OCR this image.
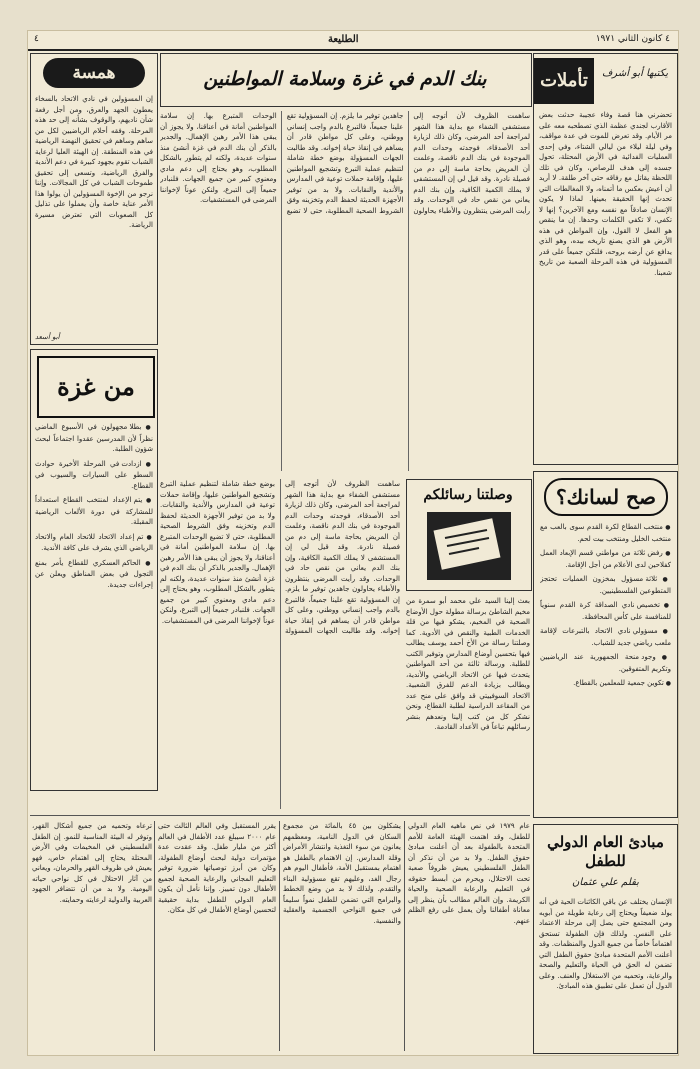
٤	الطليعة	٤ كانون الثاني ١٩٧١
تأملات	يكتبها أبو أشرف
تحضرني هنا قصة وفاء عجيبة حدثت بعض الأقارب لجندي عظمة الذي تصطحبه معه على مر الأيام. وقد تعرض للموت في عدة مواقف، وفي ليلة ليلاء من ليالي الشتاء، وفي إحدى العمليات الفدائية في الأرض المحتلة، تحول جسده إلى هدف للرصاص، وكان في تلك اللحظة يقاتل مع رفاقه حتى آخر طلقة. لا أريد أن أعيش بعكس ما أتمناه، ولا المغالطات التي تحدث إنها الحقيقة بعينها. لماذا لا يكون الإنسان صادقاً مع نفسه ومع الآخرين؟ إنها لا تكفي، لا تكفي الكلمات وحدها. إن ما ينقص هو الفعل لا القول، وإن المواطن في هذه الأرض هو الذي يصنع تاريخه بيده، وهو الذي يدافع عن أرضه بروحه، فلنكن جميعاً على قدر المسؤولية في هذه المرحلة الصعبة من تاريخ شعبنا.
صح لسانك؟
● منتخب القطاع لكرة القدم سوى بالعب مع منتخب الخليل ومنتخب بيت لحم.
● رفض ثلاثة من مواطني قسم الإبعاد العمل كفلاحين لدى الأعلام من أجل الإقامة.
● ثلاثة مسؤول بمخزون العمليات تحتجز المتطوعين الفلسطينيين.
● تخصيص نادي الصداقة كرة القدم سنوياً للمنافسة على كأس المحافظة.
● مسؤولي نادي الاتحاد بالتبرعات لإقامة ملعب رياضي جديد للشباب.
● وجود منحة الجمهورية عند الرياضيين وتكريم المتفوقين.
● تكوين جمعية للمعلمين بالقطاع.
مبادئ العام الدولي للطفل
بقلم علي عثمان
الإنسان يختلف عن باقي الكائنات الحية في أنه يولد ضعيفاً ويحتاج إلى رعاية طويلة من أبويه ومن المجتمع حتى يصل إلى مرحلة الاعتماد على النفس. ولذلك فإن الطفولة تستحق اهتماماً خاصاً من جميع الدول والمنظمات. وقد أعلنت الأمم المتحدة مبادئ حقوق الطفل التي تضمن له الحق في الحياة والتعليم والصحة والرعاية، وتحميه من الاستغلال والعنف. وعلى الدول أن تعمل على تطبيق هذه المبادئ.
بنك الدم في غزة وسلامة المواطنين
همسة
إن المسؤولين في نادي الاتحاد بالسخاء يعطون الجهد والعرق، ومن أجل رفعة شأن ناديهم، والوقوف بشأنه إلى حد هذه المرحلة. وفقه أحلام الرياضيين لكل من ساهم وساهم في تحقيق النهضة الرياضية في هذه المنطقة. إن الهيئة العليا لرعاية الشباب تقوم بجهود كبيرة في دعم الأندية والفرق الرياضية، وتسعى إلى تحقيق طموحات الشباب في كل المجالات. وإننا نرجو من الإخوة المسؤولين أن يولوا هذا الأمر عناية خاصة وأن يعملوا على تذليل كل الصعوبات التي تعترض مسيرة الرياضة.
أبو أسعد
من غزة
● بطلا مجهولون في الأسبوع الماضي نظراً لأن المدرسين عقدوا اجتماعاً لبحث شؤون الطلبة.
● ازدادت في المرحلة الأخيرة حوادث السطو على السيارات والسيوب في القطاع.
● يتم الإعداد لمنتخب القطاع استعداداً للمشاركة في دورة الألعاب الرياضية المقبلة.
● تم إعداد الاتحاد للاتحاد العام والاتحاد الرياضي الذي يشرف على كافة الأندية.
● الحاكم العسكري للقطاع يأمر بمنع التجول في بعض المناطق ويعلن عن إجراءات جديدة.
ساهمت الظروف لأن أتوجه إلى مستشفى الشفاء مع بداية هذا الشهر لمراجعة أحد المرضى، وكان ذلك لزيارة أحد الأصدقاء، فوجدته وحدات الدم الموجودة في بنك الدم ناقصة، وعلمت أن المريض بحاجة ماسة إلى دم من فصيلة نادرة. وقد قيل لي إن المستشفى لا يملك الكمية الكافية، وإن بنك الدم يعاني من نقص حاد في الوحدات. وقد رأيت المرضى ينتظرون والأطباء يحاولون جاهدين توفير ما يلزم. إن المسؤولية تقع علينا جميعاً، فالتبرع بالدم واجب إنساني ووطني، وعلى كل مواطن قادر أن يساهم في إنقاذ حياة إخوانه. وقد طالبت الجهات المسؤولة بوضع خطة شاملة لتنظيم عملية التبرع وتشجيع المواطنين عليها، وإقامة حملات توعية في المدارس والأندية والنقابات. ولا بد من توفير الأجهزة الحديثة لحفظ الدم وتخزينه وفق الشروط الصحية المطلوبة، حتى لا تضيع الوحدات المتبرع بها. إن سلامة المواطنين أمانة في أعناقنا، ولا يجوز أن يبقى هذا الأمر رهين الإهمال. والجدير بالذكر أن بنك الدم في غزة أنشئ منذ سنوات عديدة، ولكنه لم يتطور بالشكل المطلوب، وهو يحتاج إلى دعم مادي ومعنوي كبير من جميع الجهات. فلنبادر جميعاً إلى التبرع، ولنكن عوناً لإخواننا المرضى في المستشفيات.
وصلتنا رسائلكم
ساهمت الظروف لأن أتوجه إلى مستشفى الشفاء مع بداية هذا الشهر لمراجعة أحد المرضى، وكان ذلك لزيارة أحد الأصدقاء، فوجدته وحدات الدم الموجودة في بنك الدم ناقصة، وعلمت أن المريض بحاجة ماسة إلى دم من فصيلة نادرة. وقد قيل لي إن المستشفى لا يملك الكمية الكافية، وإن بنك الدم يعاني من نقص حاد في الوحدات. وقد رأيت المرضى ينتظرون والأطباء يحاولون جاهدين توفير ما يلزم. إن المسؤولية تقع علينا جميعاً، فالتبرع بالدم واجب إنساني ووطني، وعلى كل مواطن قادر أن يساهم في إنقاذ حياة إخوانه. وقد طالبت الجهات المسؤولة بوضع خطة شاملة لتنظيم عملية التبرع وتشجيع المواطنين عليها، وإقامة حملات توعية في المدارس والأندية والنقابات. ولا بد من توفير الأجهزة الحديثة لحفظ الدم وتخزينه وفق الشروط الصحية المطلوبة، حتى لا تضيع الوحدات المتبرع بها. إن سلامة المواطنين أمانة في أعناقنا، ولا يجوز أن يبقى هذا الأمر رهين الإهمال. والجدير بالذكر أن بنك الدم في غزة أنشئ منذ سنوات عديدة، ولكنه لم يتطور بالشكل المطلوب، وهو يحتاج إلى دعم مادي ومعنوي كبير من جميع الجهات. فلنبادر جميعاً إلى التبرع، ولنكن عوناً لإخواننا المرضى في المستشفيات.
بعث إلينا السيد علي محمد أبو سمرة من مخيم الشاطئ برسالة مطولة حول الأوضاع الصحية في المخيم، يشكو فيها من قلة الخدمات الطبية والنقص في الأدوية. كما وصلتنا رسالة من الأخ أحمد يوسف يطالب فيها بتحسين أوضاع المدارس وتوفير الكتب للطلبة. ورسالة ثالثة من أحد المواطنين يتحدث فيها عن الاتحاد الرياضي والأندية، ويطالب بزيادة الدعم للفرق الشعبية. الاتحاد السوفييتي قد وافق على منح عدد من المقاعد الدراسية لطلبة القطاع، ونحن نشكر كل من كتب إلينا ونعدهم بنشر رسائلهم تباعاً في الأعداد القادمة.
عام ١٩٧٩ في نص ماهيه العام الدولي للطفل، وقد اهتمت الهيئة العامة للأمم المتحدة بالطفولة بعد أن أعلنت مبادئ حقوق الطفل. ولا بد من أن نذكر أن الطفل الفلسطيني يعيش ظروفاً صعبة تحت الاحتلال، ويحرم من أبسط حقوقه في التعليم والرعاية الصحية والحياة الكريمة. وإن العالم مطالب بأن ينظر إلى معاناة أطفالنا وأن يعمل على رفع الظلم عنهم.
يشكلون بين ٤٥ بالمائة من مجموع السكان في الدول النامية، ومعظمهم يعانون من سوء التغذية وانتشار الأمراض وقلة المدارس. إن الاهتمام بالطفل هو اهتمام بمستقبل الأمة، فأطفال اليوم هم رجال الغد، وعليهم تقع مسؤولية البناء والتقدم. ولذلك لا بد من وضع الخطط والبرامج التي تضمن للطفل نمواً سليماً في جميع النواحي الجسمية والعقلية والنفسية.
يقرر المستقبل وفي العالم الثالث حتى عام ٢٠٠٠ سيبلغ عدد الأطفال في العالم أكثر من مليار طفل. وقد عقدت عدة مؤتمرات دولية لبحث أوضاع الطفولة، وكان من أبرز توصياتها ضرورة توفير التعليم المجاني والرعاية الصحية لجميع الأطفال دون تمييز. وإننا نأمل أن يكون العام الدولي للطفل بداية حقيقية لتحسين أوضاع الأطفال في كل مكان.
ترعاه وتحميه من جميع أشكال القهر، وتوفر له البيئة المناسبة للنمو. إن الطفل الفلسطيني في المخيمات وفي الأرض المحتلة يحتاج إلى اهتمام خاص، فهو يعيش في ظروف القهر والحرمان، ويعاني من آثار الاحتلال في كل نواحي حياته اليومية. ولا بد من أن تتضافر الجهود العربية والدولية لرعايته وحمايته.
